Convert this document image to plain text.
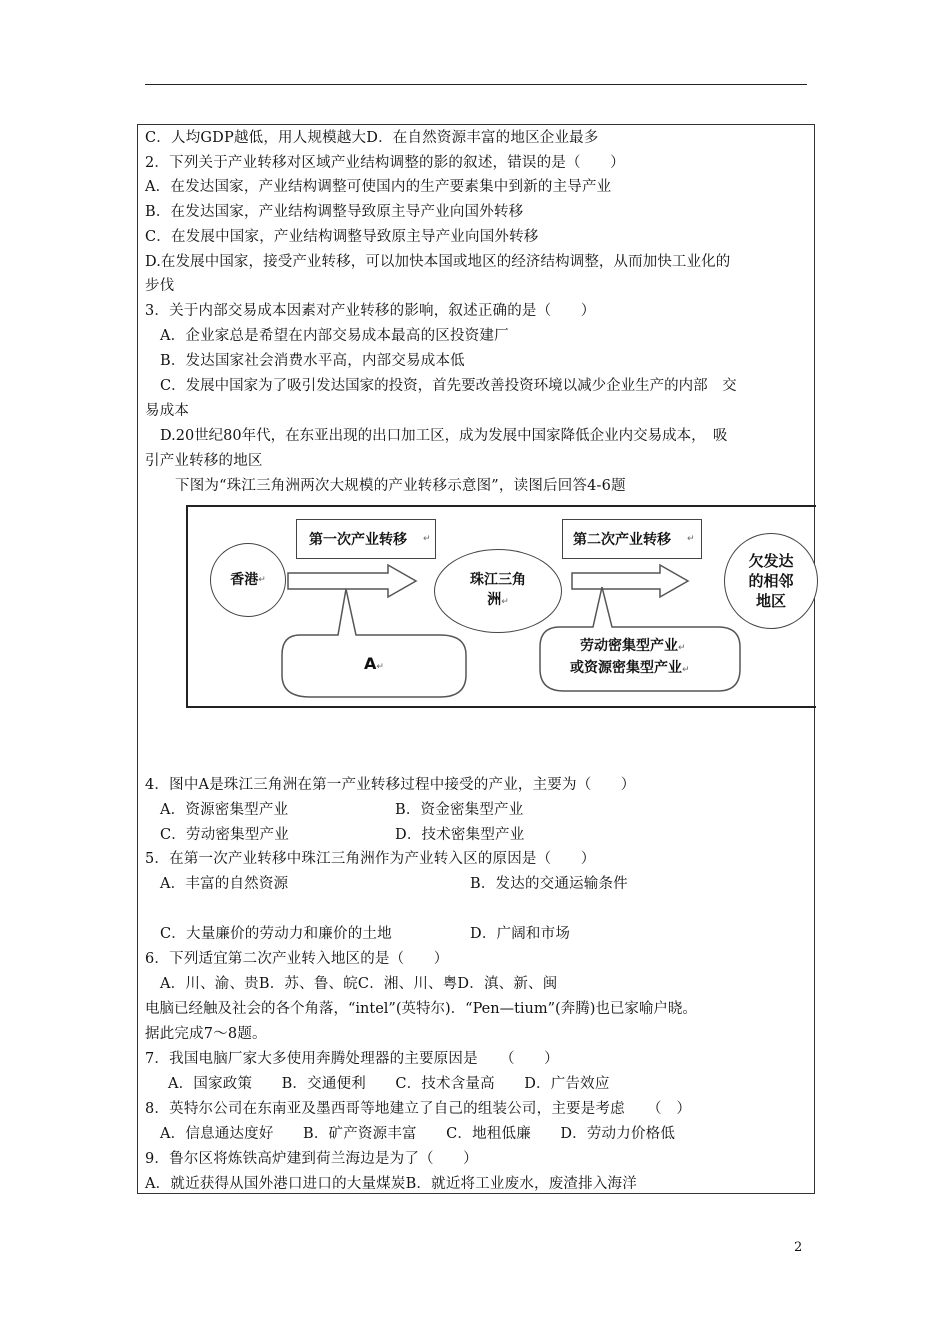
C．人均GDP越低，用人规模越大D．在自然资源丰富的地区企业最多
2．下列关于产业转移对区域产业结构调整的影的叙述，错误的是（　　）
A．在发达国家，产业结构调整可使国内的生产要素集中到新的主导产业
B．在发达国家，产业结构调整导致原主导产业向国外转移
C．在发展中国家，产业结构调整导致原主导产业向国外转移
D.在发展中国家，接受产业转移，可以加快本国或地区的经济结构调整，从而加快工业化的
步伐
3．关于内部交易成本因素对产业转移的影响，叙述正确的是（　　）
A．企业家总是希望在内部交易成本最高的区投资建厂
B．发达国家社会消费水平高，内部交易成本低
C．发展中国家为了吸引发达国家的投资，首先要改善投资环境以减少企业生产的内部　交
易成本
D.20世纪80年代，在东亚出现的出口加工区，成为发展中国家降低企业内交易成本，　吸
引产业转移的地区
下图为“珠江三角洲两次大规模的产业转移示意图”，读图后回答4-6题
4．图中A是珠江三角洲在第一产业转移过程中接受的产业，主要为（　　）
A．资源密集型产业	B．资金密集型产业
C．劳动密集型产业	D．技术密集型产业
5．在第一次产业转移中珠江三角洲作为产业转入区的原因是（　　）
A．丰富的自然资源	B．发达的交通运输条件
C．大量廉价的劳动力和廉价的土地	D．广阔和市场
6．下列适宜第二次产业转入地区的是（　　）
A．川、渝、贵B．苏、鲁、皖C．湘、川、粤D．滇、新、闽
电脑已经触及社会的各个角落，“intel”(英特尔)．“Pen—tium”(奔腾)也已家喻户晓。
据此完成7～8题。
7．我国电脑厂家大多使用奔腾处理器的主要原因是　　（　　）
A．国家政策　　B．交通便利　　C．技术含量高　　D．广告效应
8．英特尔公司在东南亚及墨西哥等地建立了自己的组装公司，主要是考虑　　（　）
A．信息通达度好　　B．矿产资源丰富　　C．地租低廉　　D．劳动力价格低
9．鲁尔区将炼铁高炉建到荷兰海边是为了（　　）
A．就近获得从国外港口进口的大量煤炭B．就近将工业废水，废渣排入海洋
第一次产业转移 ↵	第二次产业转移 ↵
香港 ↵	珠江三角
洲↵
欠发达
的相邻
地区
A↵
劳动密集型产业↵
或资源密集型产业↵
2
